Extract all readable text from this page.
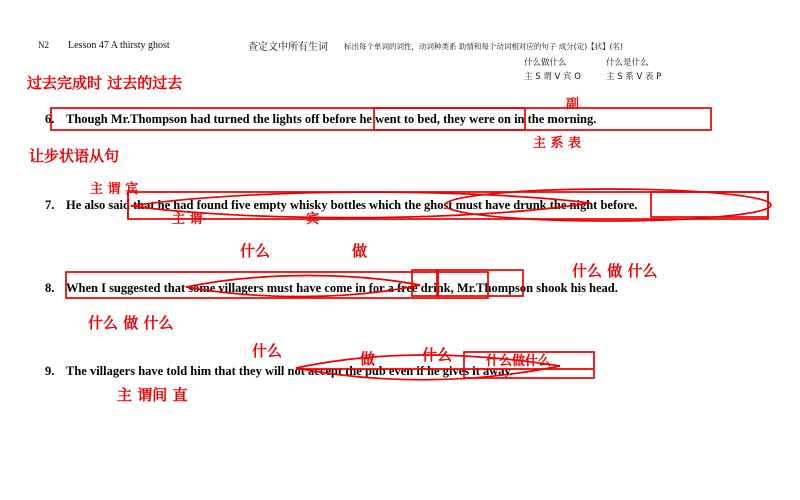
N2 Lesson 47 A thirsty ghost	查定文中所有生词 标出每个单词的词性，动词种类系 助情和每个动词相对应的句子 成分(定)【状】(名)
什么做什么	什么是什么
主 S 谓 V 宾 O	主 S 系 V 表 P
6. Though Mr.Thompson had turned the lights off before he went to bed, they were on in the morning.
7. He also said that he had found five empty whisky bottles which the ghost must have drunk the night before.
8. When I suggested that some villagers must have come in for a free drink, Mr.Thompson shook his head.
9. The villagers have told him that they will not accept the pub even if he gives it away.
过去完成时 过去的过去
副
主 系 表
让步状语从句
主 谓 宾
主 谓	宾
什么	做
什么 做 什么
什么 做 什么
什么	做	什么	什么做什么
主 谓间 直
